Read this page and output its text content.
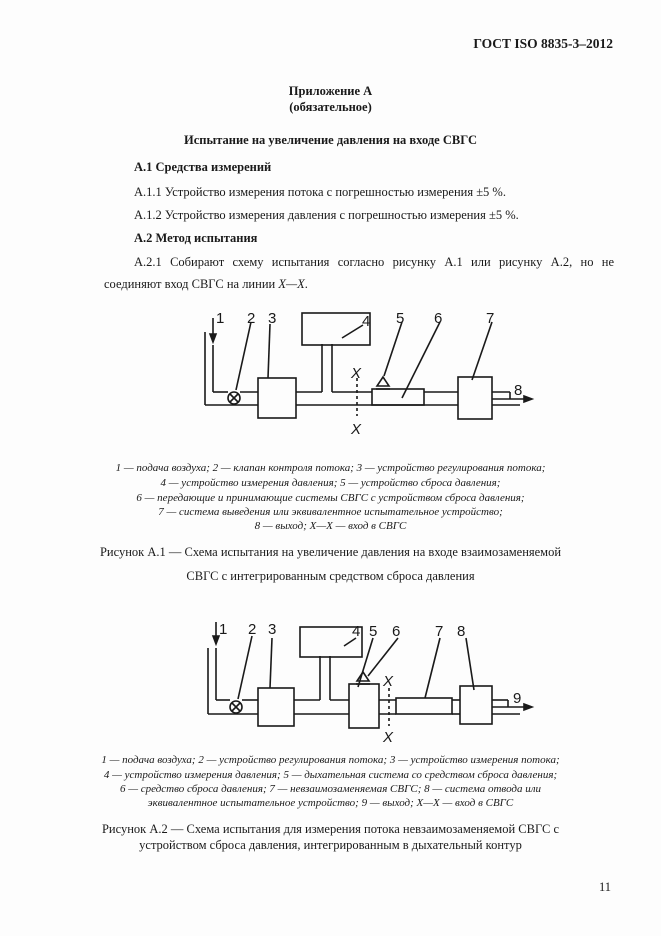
ГОСТ ISO 8835-3–2012
Приложение А
(обязательное)
Испытание на увеличение давления на входе СВГС
А.1 Средства измерений
А.1.1 Устройство измерения потока с погрешностью измерения ±5 %.
А.1.2 Устройство измерения давления с погрешностью измерения ±5 %.
А.2 Метод испытания
А.2.1 Собирают схему испытания согласно рисунку А.1 или рисунку А.2, но не
соединяют вход СВГС на линии X—X.
1 2 3	4 5 6	7
8
X
X
1 — подача воздуха; 2 — клапан контроля потока; 3 — устройство регулирования потока;
4 — устройство измерения давления; 5 — устройство сброса давления;
6 — передающие и принимающие системы СВГС с устройством сброса давления;
7 — система выведения или эквивалентное испытательное устройство;
8 — выход; X—X — вход в СВГС
Рисунок А.1 — Схема испытания на увеличение давления на входе взаимозаменяемой
СВГС с интегрированным средством сброса давления
1 2 3	4 5 6 7 8
9
X
X
1 — подача воздуха; 2 — устройство регулирования потока; 3 — устройство измерения потока;
4 — устройство измерения давления; 5 — дыхательная система со средством сброса давления;
6 — средство сброса давления; 7 — невзаимозаменяемая СВГС; 8 — система отвода или
эквивалентное испытательное устройство; 9 — выход; X—X — вход в СВГС
Рисунок А.2 — Схема испытания для измерения потока невзаимозаменяемой СВГС с
устройством сброса давления, интегрированным в дыхательный контур
11
